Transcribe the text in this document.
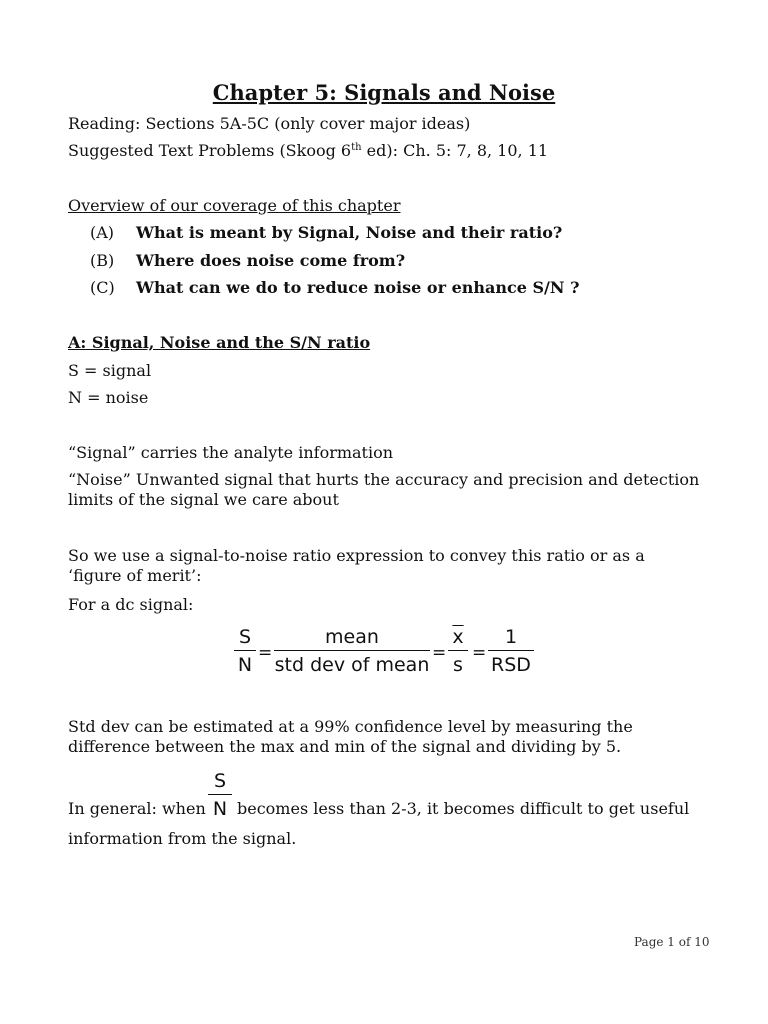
Chapter 5: Signals and Noise
Reading: Sections 5A-5C (only cover major ideas)
Suggested Text Problems (Skoog 6th ed): Ch. 5: 7, 8, 10, 11
Overview of our coverage of this chapter
(A) What is meant by Signal, Noise and their ratio?
(B) Where does noise come from?
(C) What can we do to reduce noise or enhance S/N ?
A: Signal, Noise and the S/N ratio
S = signal
N = noise
“Signal” carries the analyte information
“Noise” Unwanted signal that hurts the accuracy and precision and detection limits of the signal we care about
So we use a signal-to-noise ratio expression to convey this ratio or as a ‘figure of merit’:
For a dc signal:
S
N
=
mean
std dev of mean
=
$\overline{x}$
s
=
1
RSD
Std dev can be estimated at a 99% confidence level by measuring the difference between the max and min of the signal and dividing by 5.
In general: when
S
N becomes less than 2-3, it becomes difficult to get useful
information from the signal.
Page 1 of 10
